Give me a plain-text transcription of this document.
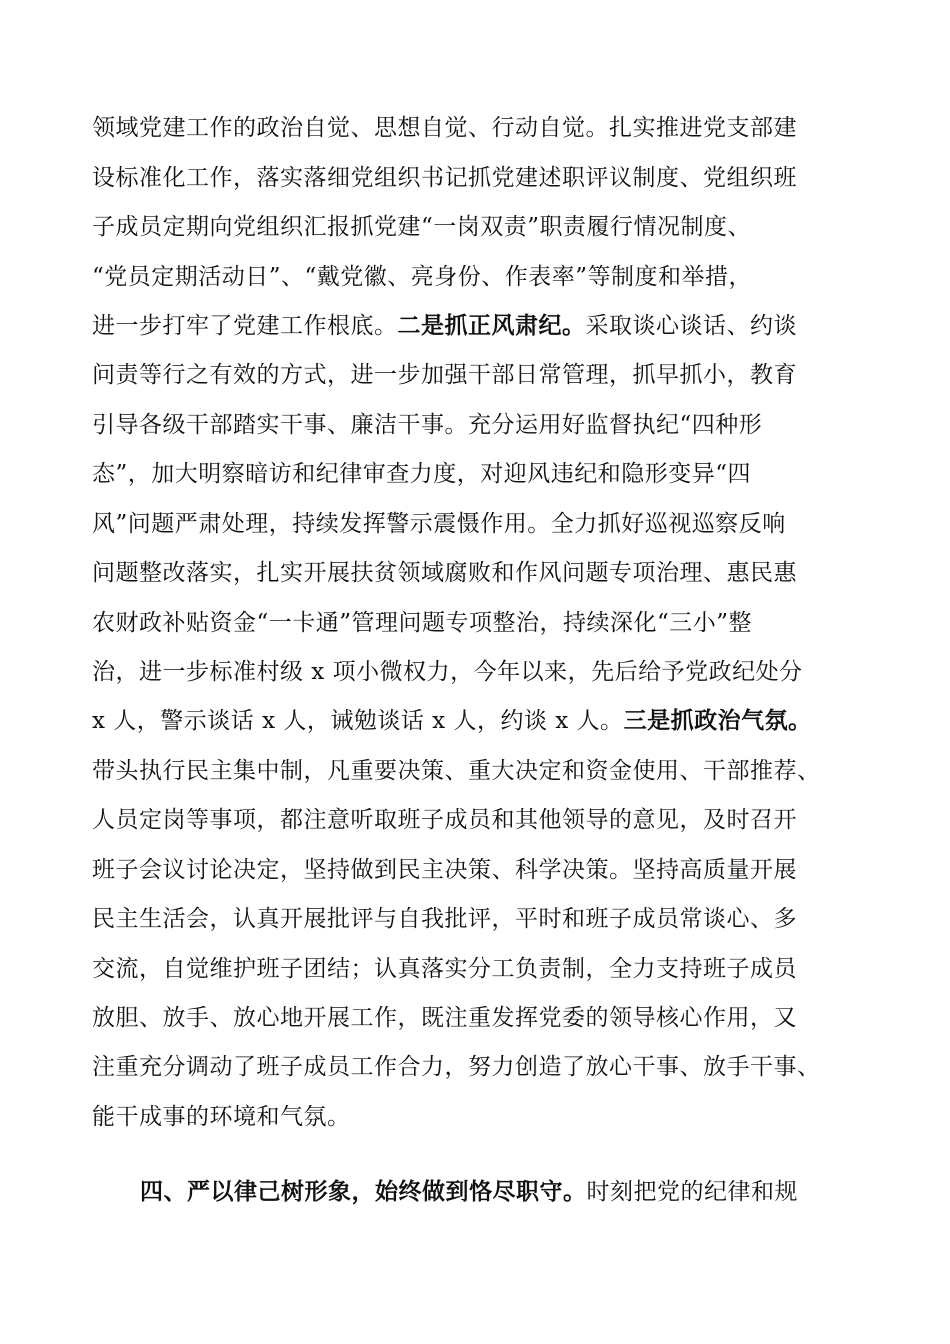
领域党建工作的政治自觉、思想自觉、行动自觉。扎实推进党支部建
设标准化工作，落实落细党组织书记抓党建述职评议制度、党组织班
子成员定期向党组织汇报抓党建“一岗双责”职责履行情况制度、
“党员定期活动日”、“戴党徽、亮身份、作表率”等制度和举措，
进一步打牢了党建工作根底。二是抓正风肃纪。采取谈心谈话、约谈
问责等行之有效的方式，进一步加强干部日常管理，抓早抓小，教育
引导各级干部踏实干事、廉洁干事。充分运用好监督执纪“四种形
态”，加大明察暗访和纪律审查力度，对迎风违纪和隐形变异“四
风”问题严肃处理，持续发挥警示震慑作用。全力抓好巡视巡察反响
问题整改落实，扎实开展扶贫领域腐败和作风问题专项治理、惠民惠
农财政补贴资金“一卡通”管理问题专项整治，持续深化“三小”整
治，进一步标准村级 x 项小微权力，今年以来，先后给予党政纪处分
x 人，警示谈话 x 人，诫勉谈话 x 人，约谈 x 人。三是抓政治气氛。
带头执行民主集中制，凡重要决策、重大决定和资金使用、干部推荐、
人员定岗等事项，都注意听取班子成员和其他领导的意见，及时召开
班子会议讨论决定，坚持做到民主决策、科学决策。坚持高质量开展
民主生活会，认真开展批评与自我批评，平时和班子成员常谈心、多
交流，自觉维护班子团结；认真落实分工负责制，全力支持班子成员
放胆、放手、放心地开展工作，既注重发挥党委的领导核心作用，又
注重充分调动了班子成员工作合力，努力创造了放心干事、放手干事、
能干成事的环境和气氛。
四、严以律己树形象，始终做到恪尽职守。时刻把党的纪律和规
